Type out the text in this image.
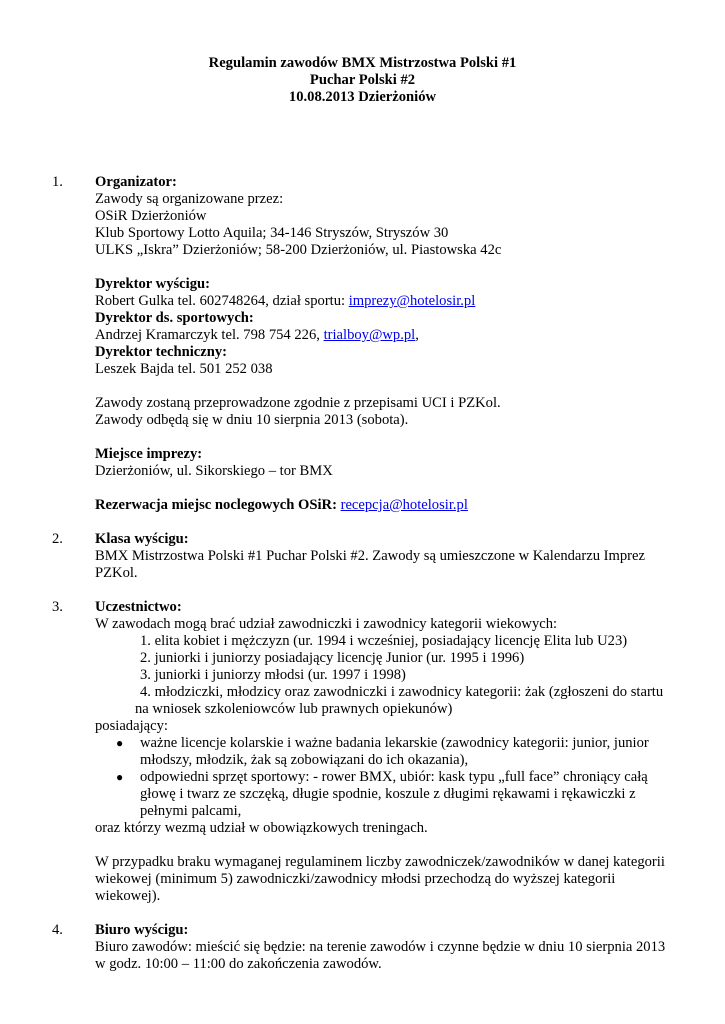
Regulamin zawodów BMX Mistrzostwa Polski #1
Puchar Polski #2
10.08.2013 Dzierżoniów
1. Organizator:
Zawody są organizowane przez:
OSiR Dzierżoniów
Klub Sportowy Lotto Aquila; 34-146 Stryszów, Stryszów 30
ULKS „Iskra” Dzierżoniów; 58-200 Dzierżoniów, ul. Piastowska 42c
Dyrektor wyścigu:
Robert Gulka tel. 602748264, dział sportu: imprezy@hotelosir.pl
Dyrektor ds. sportowych:
Andrzej Kramarczyk tel. 798 754 226, trialboy@wp.pl,
Dyrektor techniczny:
Leszek Bajda tel. 501 252 038
Zawody zostaną przeprowadzone zgodnie z przepisami UCI i PZKol.
Zawody odbędą się w dniu 10 sierpnia 2013 (sobota).
Miejsce imprezy:
Dzierżoniów, ul. Sikorskiego – tor BMX
Rezerwacja miejsc noclegowych OSiR: recepcja@hotelosir.pl
2. Klasa wyścigu:
BMX Mistrzostwa Polski #1 Puchar Polski #2. Zawody są umieszczone w Kalendarzu Imprez
PZKol.
3. Uczestnictwo:
W zawodach mogą brać udział zawodniczki i zawodnicy kategorii wiekowych:
1. elita kobiet i mężczyzn (ur. 1994 i wcześniej, posiadający licencję Elita lub U23)
2. juniorki i juniorzy posiadający licencję Junior (ur. 1995 i 1996)
3. juniorki i juniorzy młodsi (ur. 1997 i 1998)
4. młodziczki, młodzicy oraz zawodniczki i zawodnicy kategorii: żak (zgłoszeni do startu
na wniosek szkoleniowców lub prawnych opiekunów)
posiadający:
● ważne licencje kolarskie i ważne badania lekarskie (zawodnicy kategorii: junior, junior
młodszy, młodzik, żak są zobowiązani do ich okazania),
● odpowiedni sprzęt sportowy: - rower BMX, ubiór: kask typu „full face” chroniący całą
głowę i twarz ze szczęką, długie spodnie, koszule z długimi rękawami i rękawiczki z
pełnymi palcami,
oraz którzy wezmą udział w obowiązkowych treningach.
W przypadku braku wymaganej regulaminem liczby zawodniczek/zawodników w danej kategorii
wiekowej (minimum 5) zawodniczki/zawodnicy młodsi przechodzą do wyższej kategorii
wiekowej).
4. Biuro wyścigu:
Biuro zawodów: mieścić się będzie: na terenie zawodów i czynne będzie w dniu 10 sierpnia 2013
w godz. 10:00 – 11:00 do zakończenia zawodów.
